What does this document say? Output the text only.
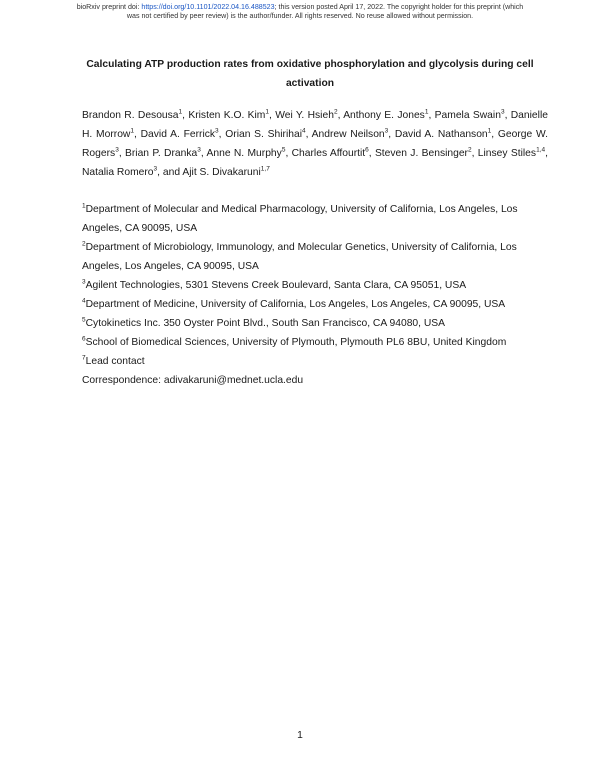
bioRxiv preprint doi: https://doi.org/10.1101/2022.04.16.488523; this version posted April 17, 2022. The copyright holder for this preprint (which
was not certified by peer review) is the author/funder. All rights reserved. No reuse allowed without permission.
Calculating ATP production rates from oxidative phosphorylation and glycolysis during cell activation
Brandon R. Desousa$^1$, Kristen K.O. Kim$^1$, Wei Y. Hsieh$^2$, Anthony E. Jones$^1$, Pamela Swain$^3$, Danielle H. Morrow$^1$, David A. Ferrick$^3$, Orian S. Shirihai$^4$, Andrew Neilson$^3$, David A. Nathanson$^1$, George W. Rogers$^3$, Brian P. Dranka$^3$, Anne N. Murphy$^5$, Charles Affourtit$^6$, Steven J. Bensinger$^2$, Linsey Stiles$^{1,4}$, Natalia Romero$^3$, and Ajit S. Divakaruni$^{1,7}$

$^1$Department of Molecular and Medical Pharmacology, University of California, Los Angeles, Los Angeles, CA 90095, USA

$^2$Department of Microbiology, Immunology, and Molecular Genetics, University of California, Los Angeles, Los Angeles, CA 90095, USA

$^3$Agilent Technologies, 5301 Stevens Creek Boulevard, Santa Clara, CA 95051, USA

$^4$Department of Medicine, University of California, Los Angeles, Los Angeles, CA 90095, USA

$^5$Cytokinetics Inc. 350 Oyster Point Blvd., South San Francisco, CA 94080, USA

$^6$School of Biomedical Sciences, University of Plymouth, Plymouth PL6 8BU, United Kingdom

$^7$Lead contact

Correspondence: adivakaruni@mednet.ucla.edu

1
